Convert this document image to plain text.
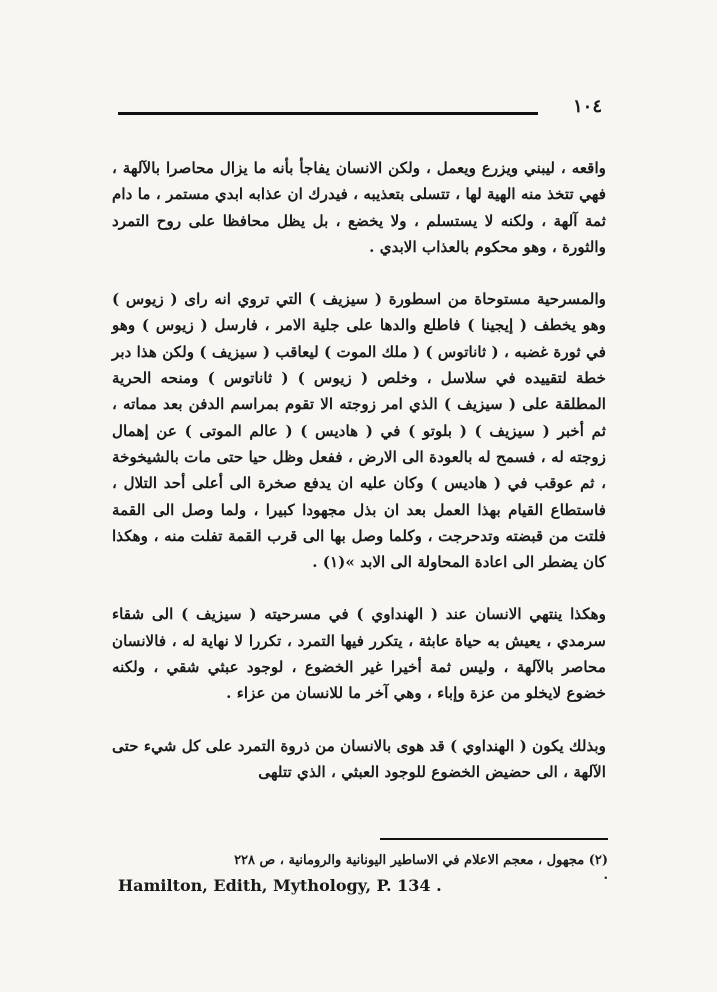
١٠٤

واقعه ، ليبني ويزرع ويعمل ، ولكن الانسان يفاجأ بأنه ما يزال محاصرا بالآلهة ، فهي تتخذ منه الهية لها ، تتسلى بتعذيبه ، فيدرك ان عذابه ابدي مستمر ، ما دام ثمة آلهة ، ولكنه لا يستسلم ، ولا يخضع ، بل يظل محافظا على روح التمرد والثورة ، وهو محكوم بالعذاب الابدي .

والمسرحية مستوحاة من اسطورة ( سيزيف ) التي تروي انه راى ( زيوس ) وهو يخطف ( إيجينا ) فاطلع والدها على جلية الامر ، فارسل ( زيوس ) وهو في ثورة غضبه ، ( ثاناتوس ) ( ملك الموت ) ليعاقب ( سيزيف ) ولكن هذا دبر خطة لتقييده في سلاسل ، وخلص ( زيوس ) ( ثاناتوس ) ومنحه الحرية المطلقة على ( سيزيف ) الذي امر زوجته الا تقوم بمراسم الدفن بعد مماته ، ثم أخبر ( سيزيف ) ( بلوتو ) في ( هاديس ) ( عالم الموتى ) عن إهمال زوجته له ، فسمح له بالعودة الى الارض ، ففعل وظل حيا حتى مات بالشيخوخة ، ثم عوقب في ( هاديس ) وكان عليه ان يدفع صخرة الى أعلى أحد التلال ، فاستطاع القيام بهذا العمل بعد ان بذل مجهودا كبيرا ، ولما وصل الى القمة فلتت من قبضته وتدحرجت ، وكلما وصل بها الى قرب القمة تفلت منه ، وهكذا كان يضطر الى اعادة المحاولة الى الابد »(١) .

وهكذا ينتهي الانسان عند ( الهنداوي ) في مسرحيته ( سيزيف ) الى شقاء سرمدي ، يعيش به حياة عابثة ، يتكرر فيها التمرد ، تكررا لا نهاية له ، فالانسان محاصر بالآلهة ، وليس ثمة أخيرا غير الخضوع ، لوجود عبثي شقي ، ولكنه خضوع لايخلو من عزة وإباء ، وهي آخر ما للانسان من عزاء .

وبذلك يكون ( الهنداوي ) قد هوى بالانسان من ذروة التمرد على كل شيء حتى الآلهة ، الى حضيض الخضوع للوجود العبثي ، الذي تتلهى

(٢) مجهول ، معجم الاعلام في الاساطير اليونانية والرومانية ، ص ٢٢٨ .
Hamilton, Edith, Mythology, P. 134 .
